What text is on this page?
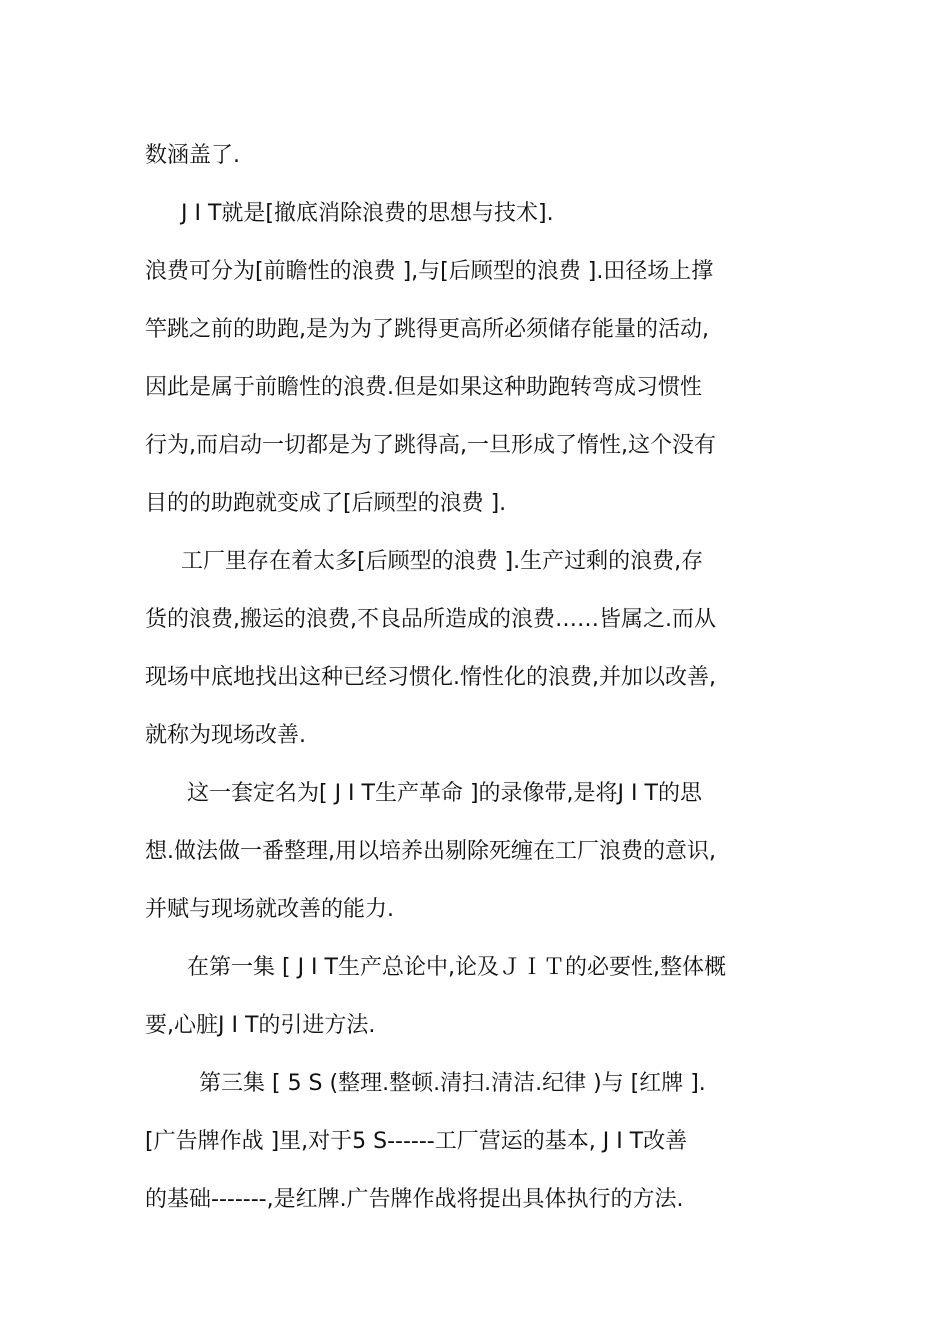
数涵盖了.
J I T就是[撤底消除浪费的思想与技术].
浪费可分为[前瞻性的浪费 ],与[后顾型的浪费 ].田径场上撑
竿跳之前的助跑,是为为了跳得更高所必须储存能量的活动,
因此是属于前瞻性的浪费.但是如果这种助跑转弯成习惯性
行为,而启动一切都是为了跳得高,一旦形成了惰性,这个没有
目的的助跑就变成了[后顾型的浪费 ].
工厂里存在着太多[后顾型的浪费 ].生产过剩的浪费,存
货的浪费,搬运的浪费,不良品所造成的浪费……皆属之.而从
现场中底地找出这种已经习惯化.惰性化的浪费,并加以改善,
就称为现场改善.
这一套定名为[ J I T生产革命 ]的录像带,是将J I T的思
想.做法做一番整理,用以培养出剔除死缠在工厂浪费的意识,
并赋与现场就改善的能力.
在第一集 [ J I T生产总论中,论及ＪＩＴ的必要性,整体概
要,心脏J I T的引进方法.
第三集 [ 5 S (整理.整顿.清扫.清洁.纪律 )与 [红牌 ].
[广告牌作战 ]里,对于5 S------工厂营运的基本, J I T改善
的基础-------,是红牌.广告牌作战将提出具体执行的方法.
